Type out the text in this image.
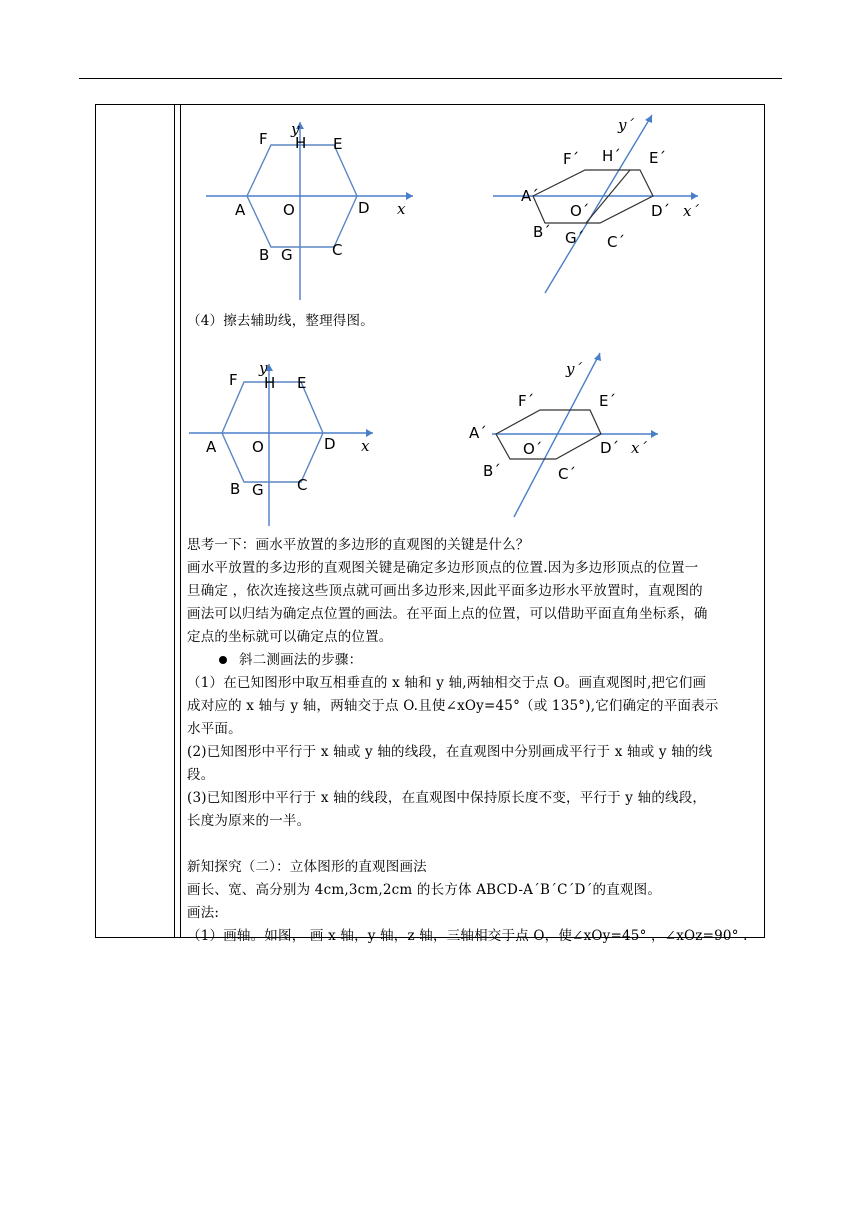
y
F H E
A	O	D x
B G	C
y´
F´ H´ E´
A´
O´	D´ x´
B´ G´ C´
（4）擦去辅助线，整理得图。
y
F H E
A O	D x
B G C
y´
F´	E´
A´
O´	D´ x´
B´	C´

思考一下：画水平放置的多边形的直观图的关键是什么？

画水平放置的多边形的直观图关键是确定多边形顶点的位置.因为多边形顶点的位置一

旦确定 ，依次连接这些顶点就可画出多边形来,因此平面多边形水平放置时，直观图的

画法可以归结为确定点位置的画法。在平面上点的位置，可以借助平面直角坐标系，确

定点的坐标就可以确定点的位置。

斜二测画法的步骤：

（1）在已知图形中取互相垂直的 x 轴和 y 轴,两轴相交于点 O。画直观图时,把它们画

成对应的 x 轴与 y 轴，两轴交于点 O.且使∠xOy=45°（或 135°),它们确定的平面表示

水平面。

(2)已知图形中平行于 x 轴或 y 轴的线段，在直观图中分别画成平行于 x 轴或 y 轴的线

段。

(3)已知图形中平行于 x 轴的线段，在直观图中保持原长度不变，平行于 y 轴的线段，

长度为原来的一半。

新知探究（二）：立体图形的直观图画法

画长、宽、高分别为 4cm,3cm,2cm 的长方体 ABCD-A´B´C´D´的直观图。

画法:

（1）画轴。如图， 画 x 轴，y 轴，z 轴，三轴相交于点 O，使∠xOy=45° ，∠xOz=90° .
